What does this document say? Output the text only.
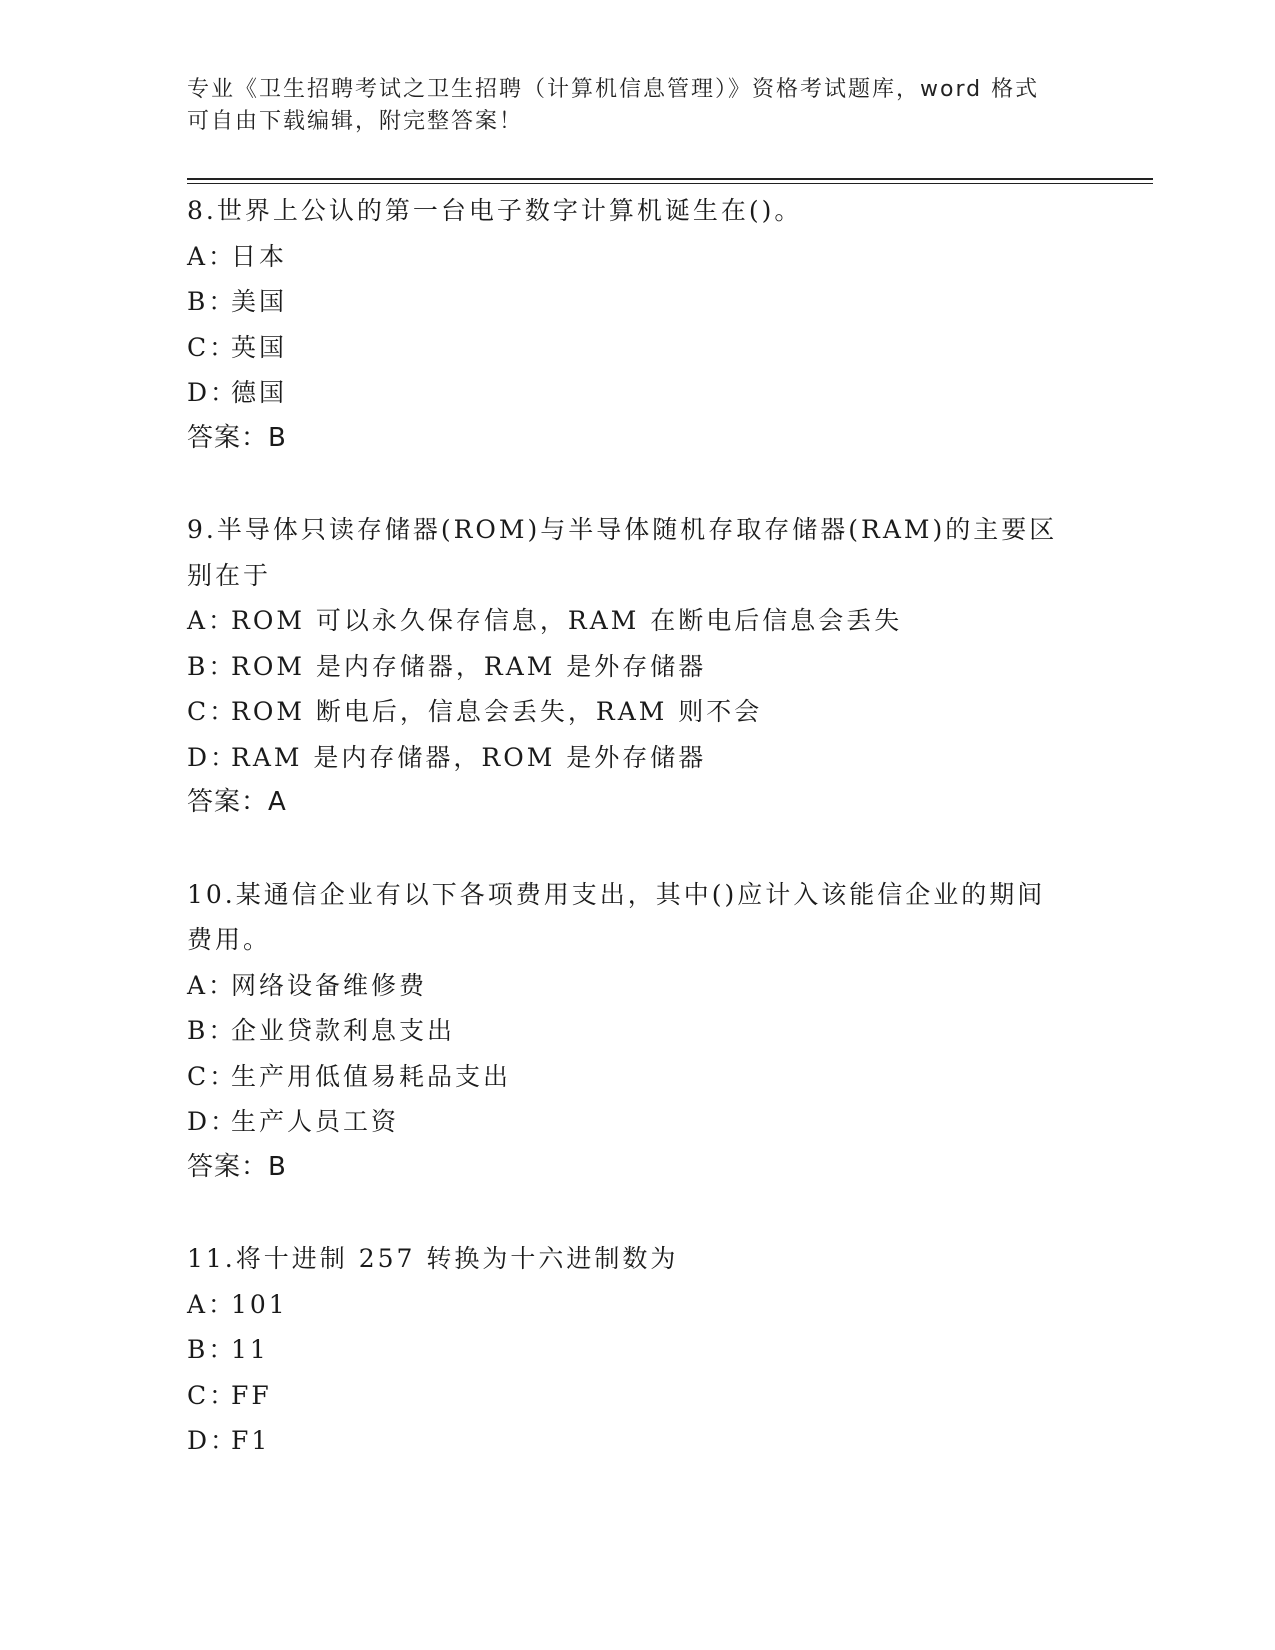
专业《卫生招聘考试之卫生招聘（计算机信息管理）》资格考试题库，word 格式
可自由下载编辑，附完整答案！
8.世界上公认的第一台电子数字计算机诞生在()。
A：日本
B：美国
C：英国
D：德国
答案：B
9.半导体只读存储器(ROM)与半导体随机存取存储器(RAM)的主要区别在于
A：ROM 可以永久保存信息，RAM 在断电后信息会丢失
B：ROM 是内存储器，RAM 是外存储器
C：ROM 断电后，信息会丢失，RAM 则不会
D：RAM 是内存储器，ROM 是外存储器
答案：A
10.某通信企业有以下各项费用支出，其中()应计入该能信企业的期间费用。
A：网络设备维修费
B：企业贷款利息支出
C：生产用低值易耗品支出
D：生产人员工资
答案：B
11.将十进制 257 转换为十六进制数为
A：101
B：11
C：FF
D：F1
